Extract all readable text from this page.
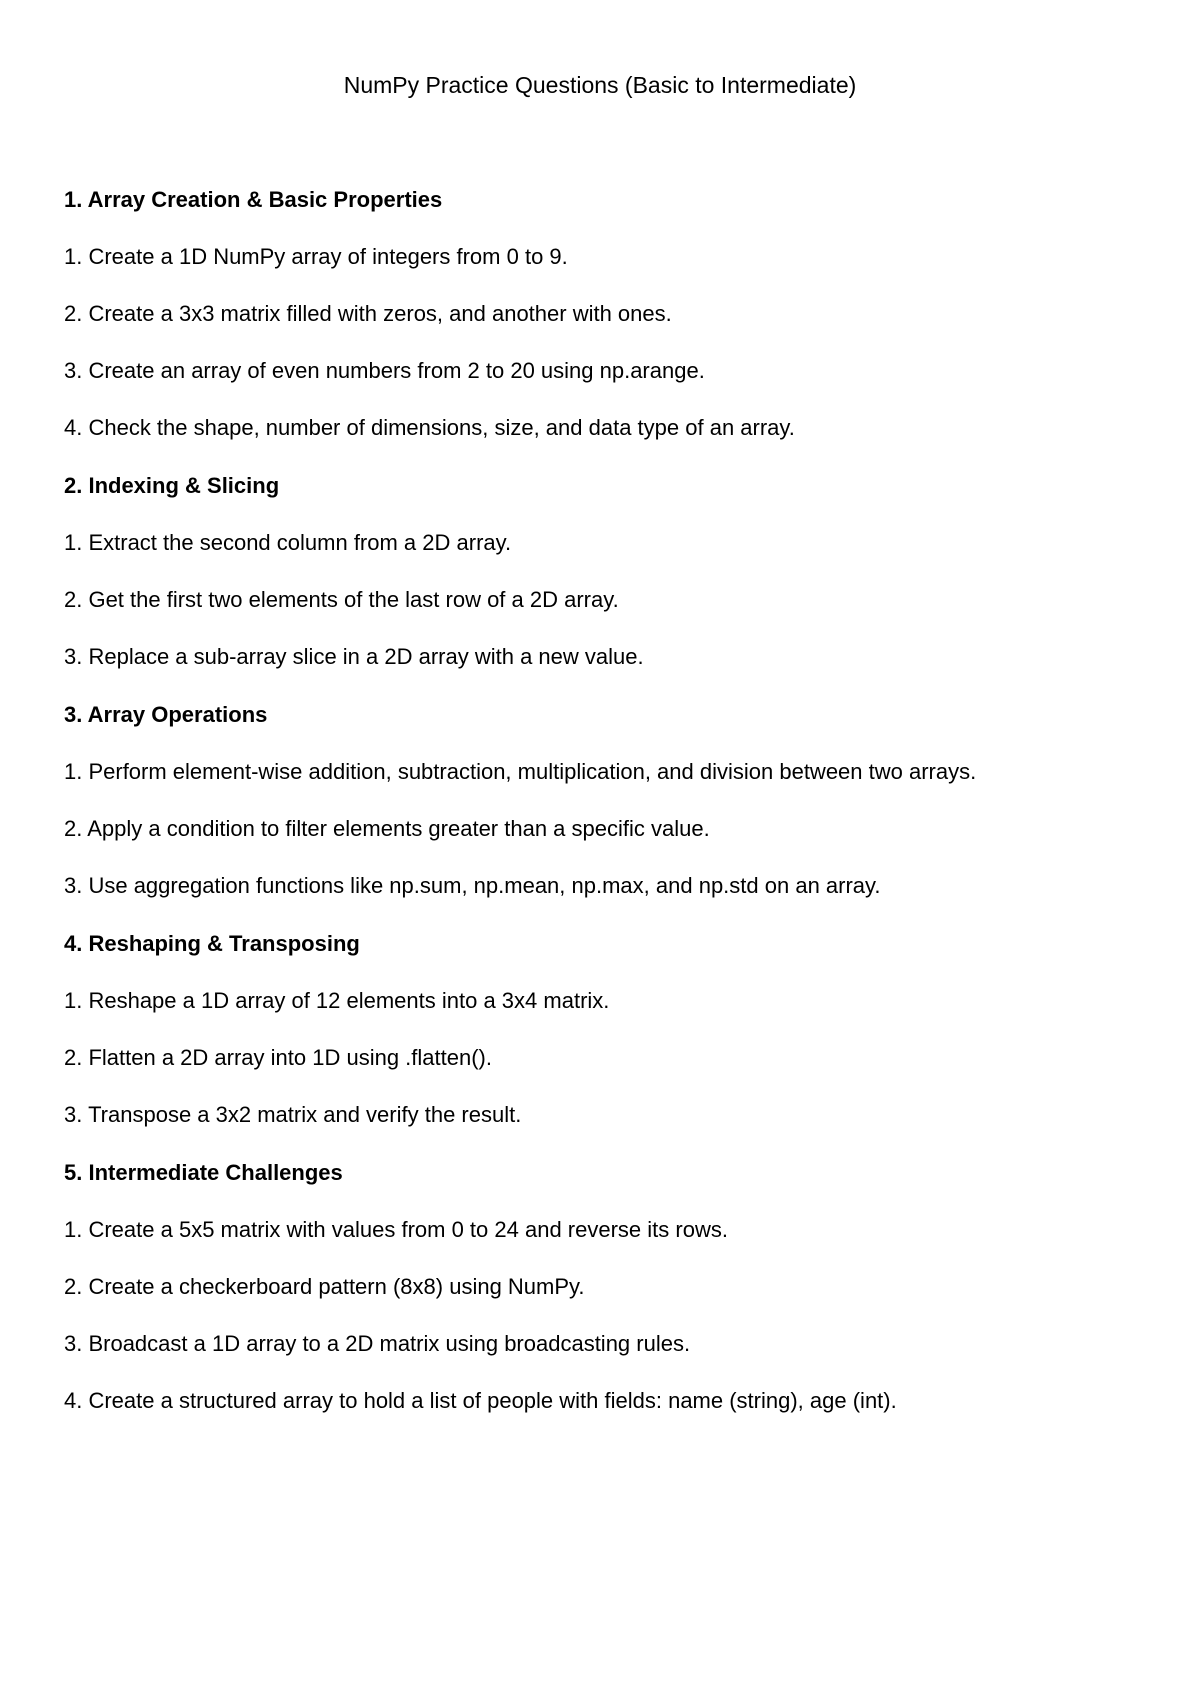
NumPy Practice Questions (Basic to Intermediate)
1. Array Creation & Basic Properties
1. Create a 1D NumPy array of integers from 0 to 9.
2. Create a 3x3 matrix filled with zeros, and another with ones.
3. Create an array of even numbers from 2 to 20 using np.arange.
4. Check the shape, number of dimensions, size, and data type of an array.
2. Indexing & Slicing
1. Extract the second column from a 2D array.
2. Get the first two elements of the last row of a 2D array.
3. Replace a sub-array slice in a 2D array with a new value.
3. Array Operations
1. Perform element-wise addition, subtraction, multiplication, and division between two arrays.
2. Apply a condition to filter elements greater than a specific value.
3. Use aggregation functions like np.sum, np.mean, np.max, and np.std on an array.
4. Reshaping & Transposing
1. Reshape a 1D array of 12 elements into a 3x4 matrix.
2. Flatten a 2D array into 1D using .flatten().
3. Transpose a 3x2 matrix and verify the result.
5. Intermediate Challenges
1. Create a 5x5 matrix with values from 0 to 24 and reverse its rows.
2. Create a checkerboard pattern (8x8) using NumPy.
3. Broadcast a 1D array to a 2D matrix using broadcasting rules.
4. Create a structured array to hold a list of people with fields: name (string), age (int).
